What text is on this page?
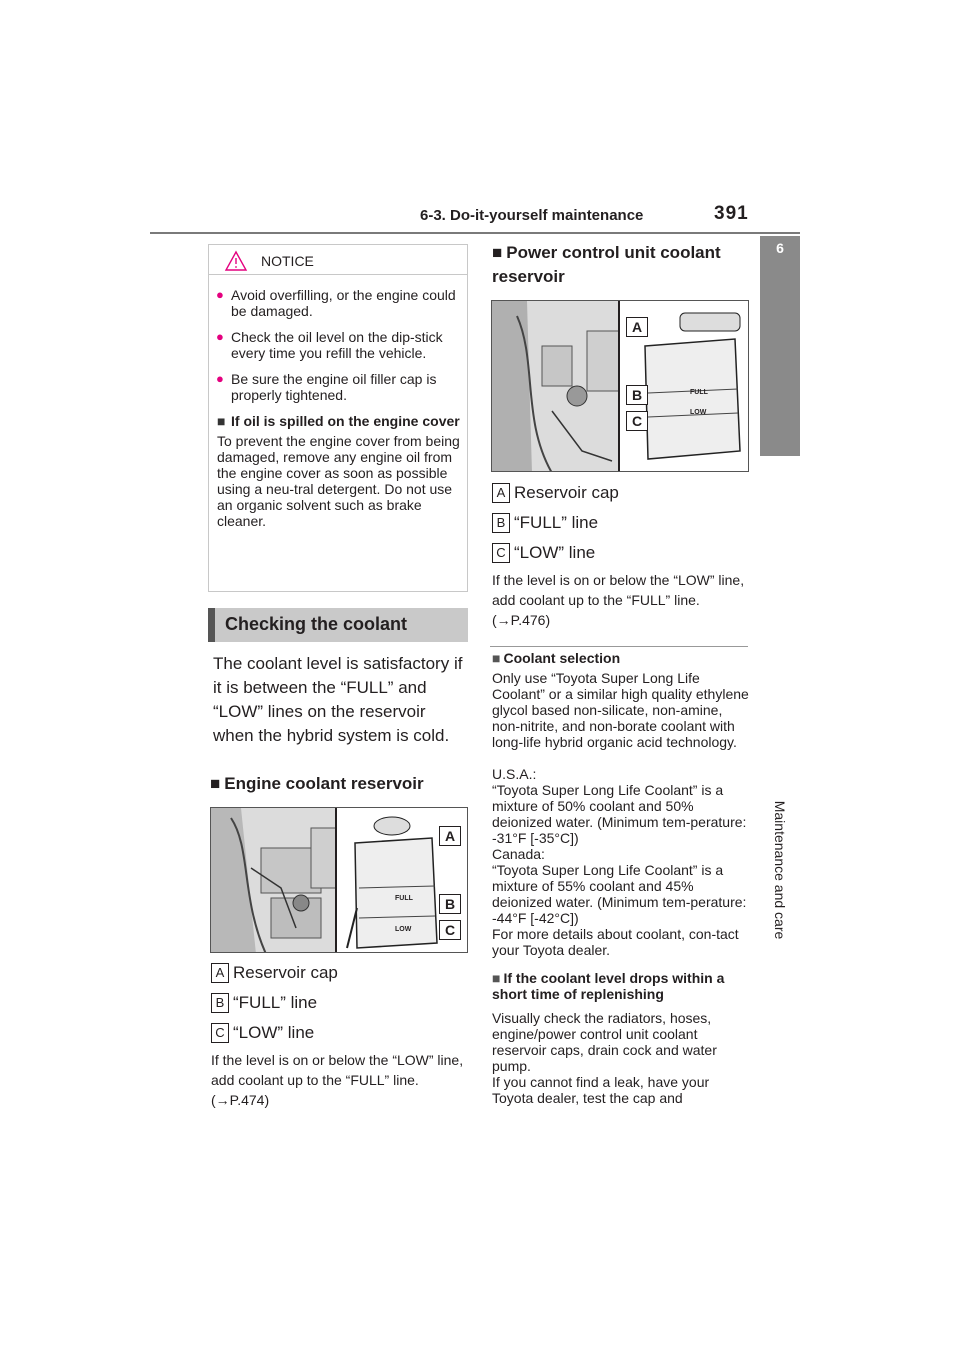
6-3. Do-it-yourself maintenance	391
6
Maintenance and care
NOTICE
● Avoid overfilling, or the engine could be damaged.
● Check the oil level on the dip-stick every time you refill the vehicle.
● Be sure the engine oil filler cap is properly tightened.
■ If oil is spilled on the engine cover
To prevent the engine cover from being damaged, remove any engine oil from the engine cover as soon as possible using a neu-tral detergent. Do not use an organic solvent such as brake cleaner.
Checking the coolant
The coolant level is satisfactory if it is between the “FULL” and “LOW” lines on the reservoir when the hybrid system is cold.
■ Engine coolant reservoir
FULL
LOW
A
B
C
A Reservoir cap
B “FULL” line
C “LOW” line
If the level is on or below the “LOW” line, add coolant up to the “FULL” line. (→P.474)
■ Power control unit coolant reservoir
FULL
LOW
A
B
C
A Reservoir cap
B “FULL” line
C “LOW” line
If the level is on or below the “LOW” line, add coolant up to the “FULL” line. (→P.476)
■ Coolant selection
Only use “Toyota Super Long Life Coolant” or a similar high quality ethylene glycol based non-silicate, non-amine, non-nitrite, and non-borate coolant with long-life hybrid organic acid technology.
U.S.A.:
“Toyota Super Long Life Coolant” is a mixture of 50% coolant and 50% deionized water. (Minimum tem-perature: -31°F [-35°C])
Canada:
“Toyota Super Long Life Coolant” is a mixture of 55% coolant and 45% deionized water. (Minimum tem-perature: -44°F [-42°C])
For more details about coolant, con-tact your Toyota dealer.
■ If the coolant level drops within a short time of replenishing
Visually check the radiators, hoses, engine/power control unit coolant reservoir caps, drain cock and water pump.
If you cannot find a leak, have your Toyota dealer, test the cap and
